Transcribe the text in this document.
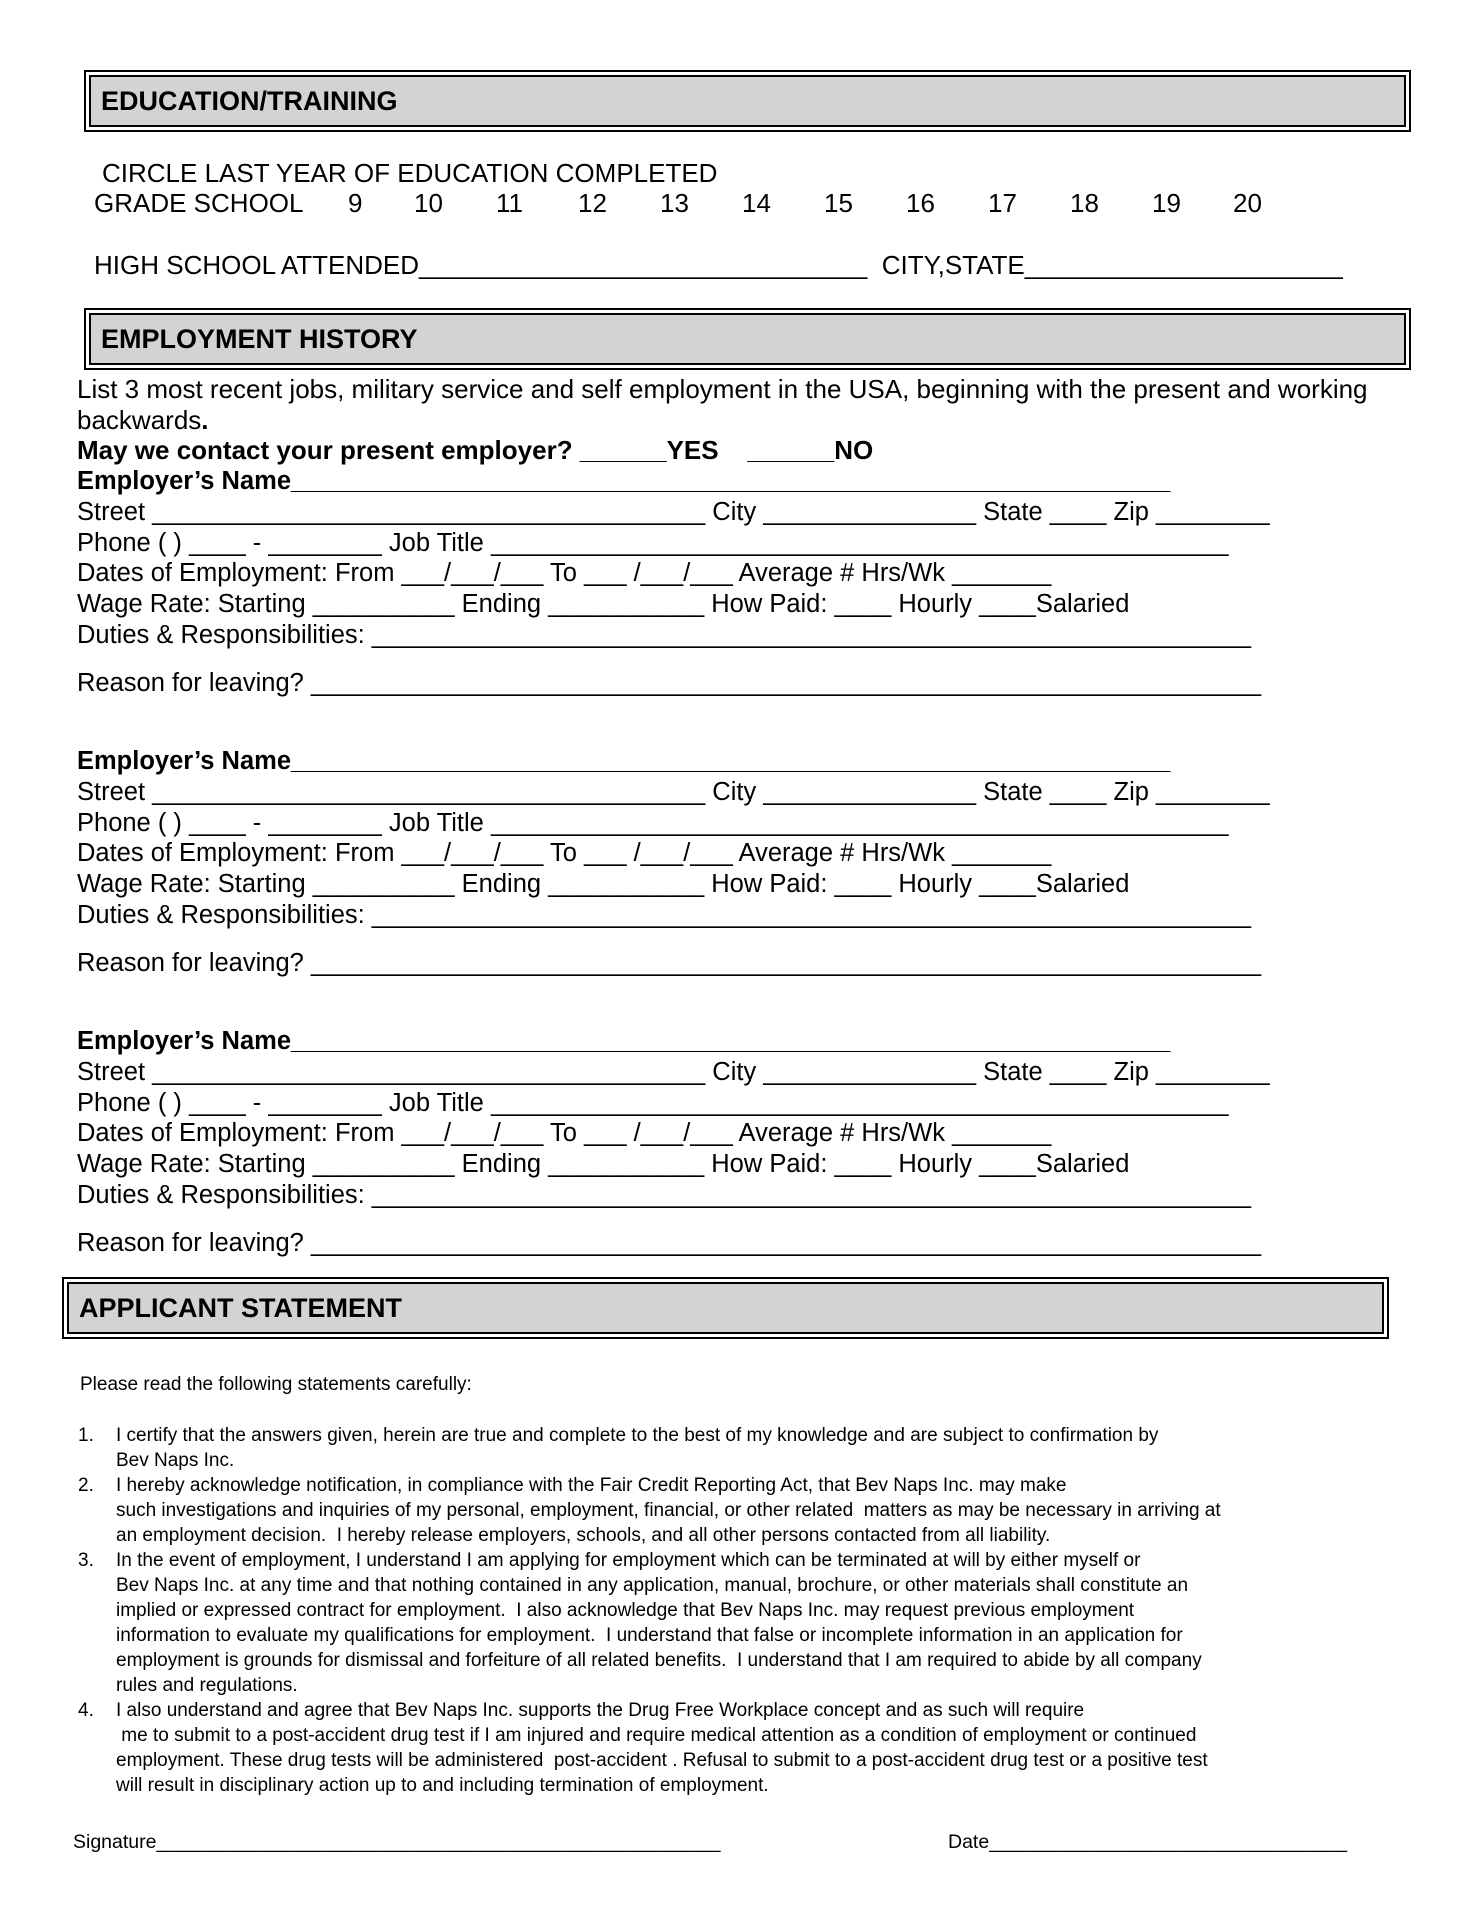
EDUCATION/TRAINING
CIRCLE LAST YEAR OF EDUCATION COMPLETED
GRADE SCHOOL 9 10 11 12 13 14 15 16 17 18 19 20
HIGH SCHOOL ATTENDED_______________________________  CITY,STATE______________________
EMPLOYMENT HISTORY
List 3 most recent jobs, military service and self employment in the USA, beginning with the present and working
backwards.
May we contact your present employer? ______YES    ______NO
Employer’s Name______________________________________________________________
Street _______________________________________ City _______________ State ____ Zip ________
Phone ( ) ____ - ________ Job Title ____________________________________________________
Dates of Employment: From ___/___/___ To ___ /___/___ Average # Hrs/Wk _______
Wage Rate: Starting __________ Ending ___________ How Paid: ____ Hourly ____Salaried
Duties & Responsibilities: ______________________________________________________________
Reason for leaving? ___________________________________________________________________
Employer’s Name______________________________________________________________
Street _______________________________________ City _______________ State ____ Zip ________
Phone ( ) ____ - ________ Job Title ____________________________________________________
Dates of Employment: From ___/___/___ To ___ /___/___ Average # Hrs/Wk _______
Wage Rate: Starting __________ Ending ___________ How Paid: ____ Hourly ____Salaried
Duties & Responsibilities: ______________________________________________________________
Reason for leaving? ___________________________________________________________________
Employer’s Name______________________________________________________________
Street _______________________________________ City _______________ State ____ Zip ________
Phone ( ) ____ - ________ Job Title ____________________________________________________
Dates of Employment: From ___/___/___ To ___ /___/___ Average # Hrs/Wk _______
Wage Rate: Starting __________ Ending ___________ How Paid: ____ Hourly ____Salaried
Duties & Responsibilities: ______________________________________________________________
Reason for leaving? ___________________________________________________________________
APPLICANT STATEMENT
Please read the following statements carefully:
1. I certify that the answers given, herein are true and complete to the best of my knowledge and are subject to confirmation by
Bev Naps Inc.
2. I hereby acknowledge notification, in compliance with the Fair Credit Reporting Act, that Bev Naps Inc. may make
such investigations and inquiries of my personal, employment, financial, or other related  matters as may be necessary in arriving at
an employment decision.  I hereby release employers, schools, and all other persons contacted from all liability.
3. In the event of employment, I understand I am applying for employment which can be terminated at will by either myself or
Bev Naps Inc. at any time and that nothing contained in any application, manual, brochure, or other materials shall constitute an
implied or expressed contract for employment.  I also acknowledge that Bev Naps Inc. may request previous employment
information to evaluate my qualifications for employment.  I understand that false or incomplete information in an application for
employment is grounds for dismissal and forfeiture of all related benefits.  I understand that I am required to abide by all company
rules and regulations.
4. I also understand and agree that Bev Naps Inc. supports the Drug Free Workplace concept and as such will require
me to submit to a post-accident drug test if I am injured and require medical attention as a condition of employment or continued
employment. These drug tests will be administered  post-accident . Refusal to submit to a post-accident drug test or a positive test
will result in disciplinary action up to and including termination of employment.
Signature____________________________________________________	Date_________________________________
